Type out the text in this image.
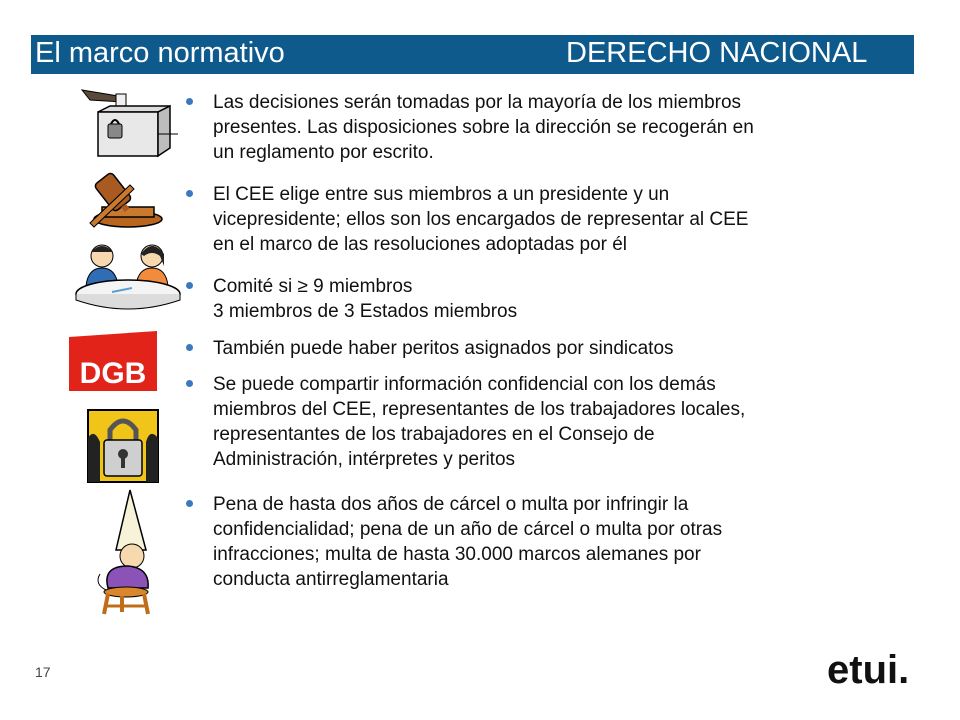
El marco normativo	DERECHO NACIONAL
DGB
Las decisiones serán tomadas por la mayoría de los miembros
presentes. Las disposiciones sobre la dirección se recogerán en
un reglamento por escrito.
El CEE elige entre sus miembros a un presidente y un
vicepresidente; ellos son los encargados de representar al CEE
en el marco de las resoluciones adoptadas por él
Comité si ≥ 9 miembros
3 miembros de 3 Estados miembros
También puede haber peritos asignados por sindicatos
Se puede compartir información confidencial con los demás
miembros del CEE, representantes de los trabajadores locales,
representantes de los trabajadores en el Consejo de
Administración, intérpretes y peritos
Pena de hasta dos años de cárcel o multa por infringir la
confidencialidad; pena de un año de cárcel o multa por otras
infracciones; multa de hasta 30.000 marcos alemanes por
conducta antirreglamentaria
17	etui.
